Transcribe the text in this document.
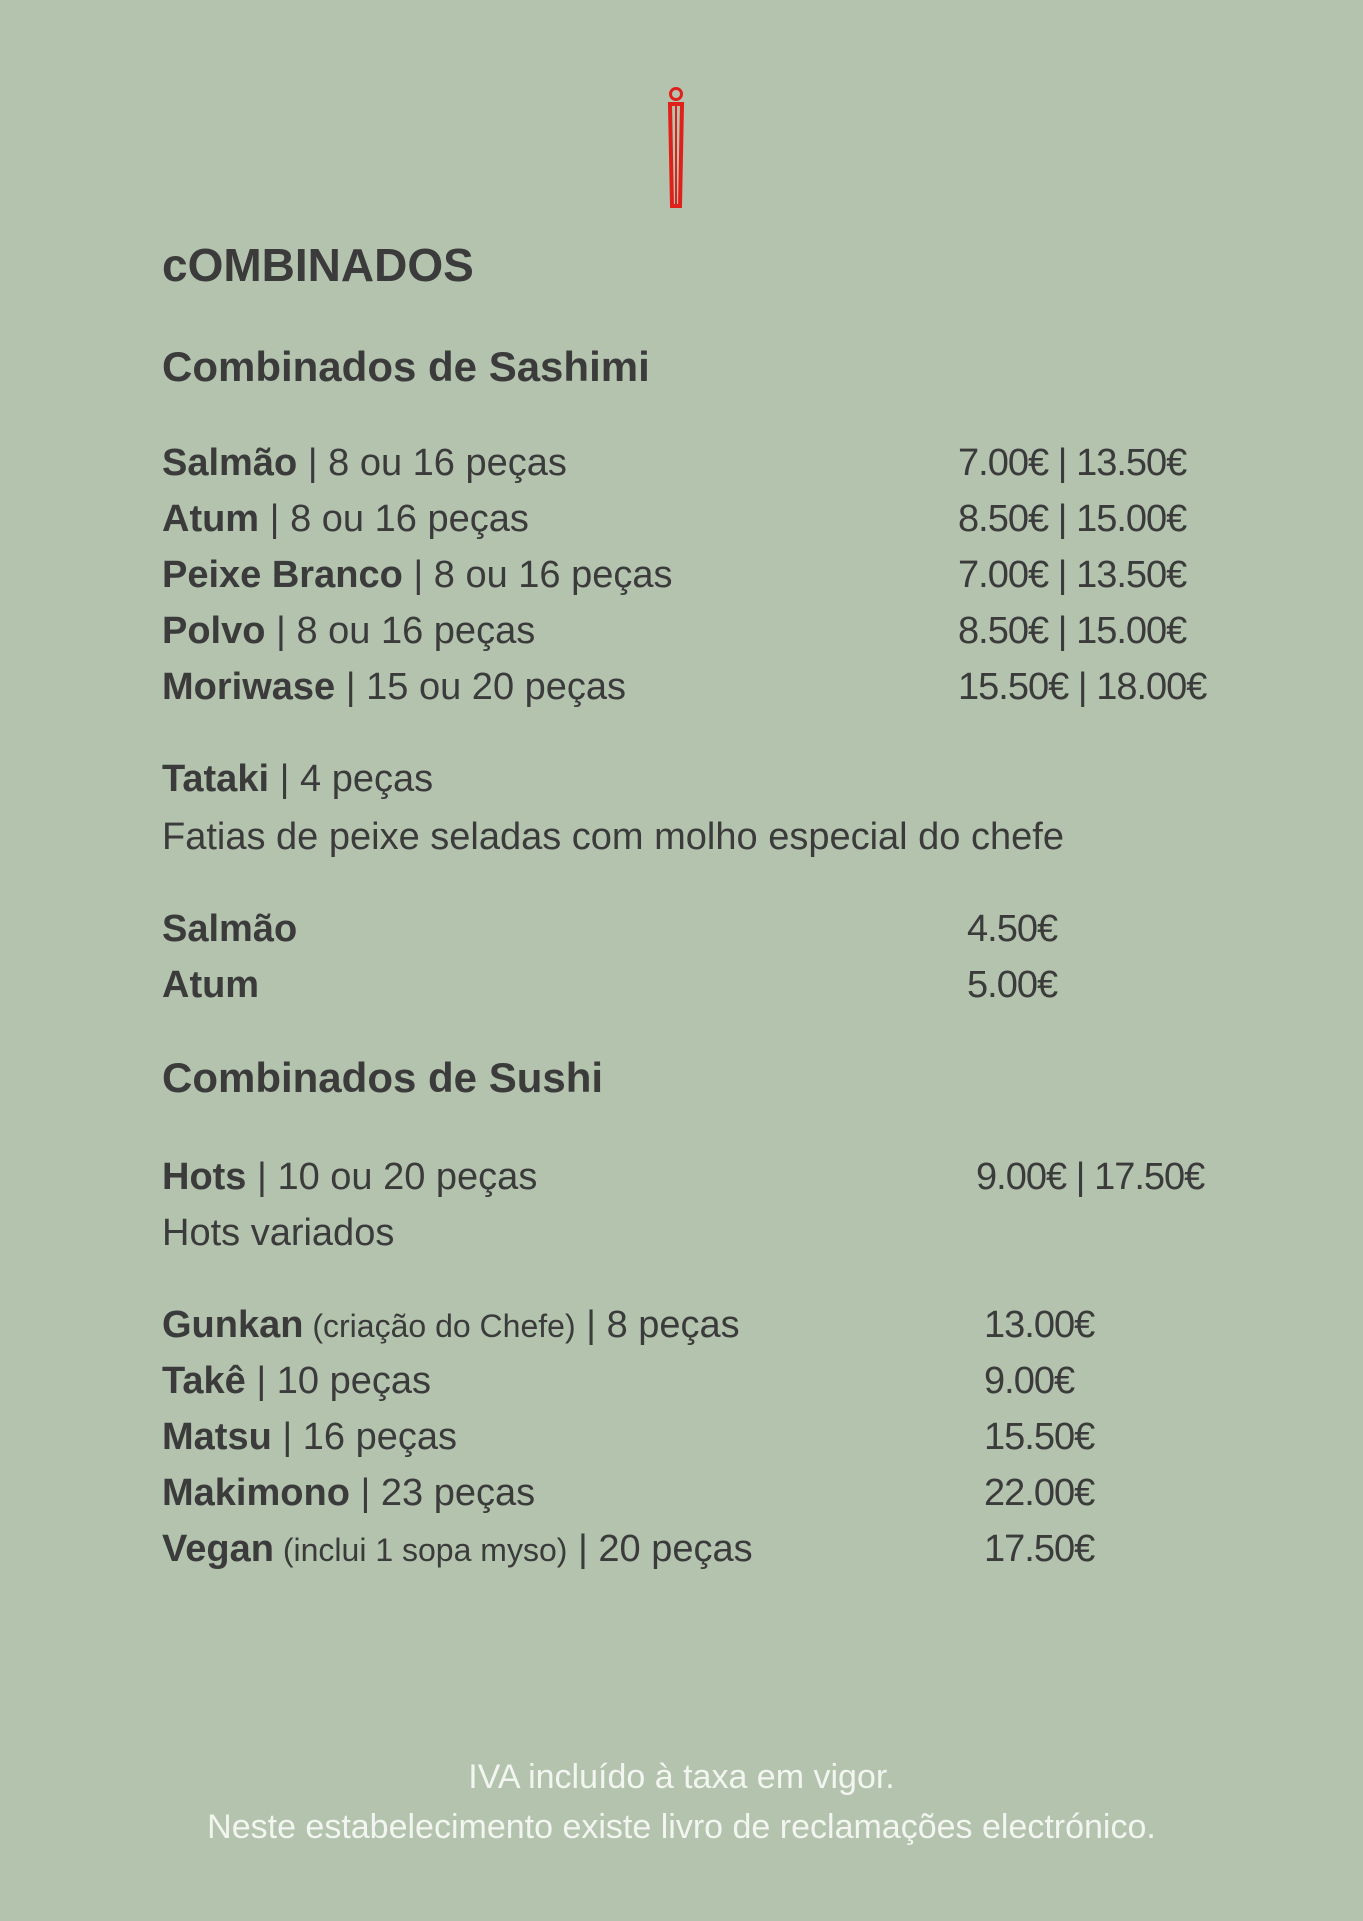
cOMBINADOS
Combinados de Sashimi
Salmão | 8 ou 16 peças	7.00€ | 13.50€
Atum | 8 ou 16 peças	8.50€ | 15.00€
Peixe Branco | 8 ou 16 peças	7.00€ | 13.50€
Polvo | 8 ou 16 peças	8.50€ | 15.00€
Moriwase | 15 ou 20 peças	15.50€ | 18.00€
Tataki | 4 peças
Fatias de peixe seladas com molho especial do chefe
Salmão	4.50€
Atum	5.00€
Combinados de Sushi
Hots | 10 ou 20 peças	9.00€ | 17.50€
Hots variados
Gunkan (criação do Chefe) | 8 peças	13.00€
Takê | 10 peças	9.00€
Matsu | 16 peças	15.50€
Makimono | 23 peças	22.00€
Vegan (inclui 1 sopa myso) | 20 peças	17.50€
IVA incluído à taxa em vigor.
Neste estabelecimento existe livro de reclamações electrónico.
